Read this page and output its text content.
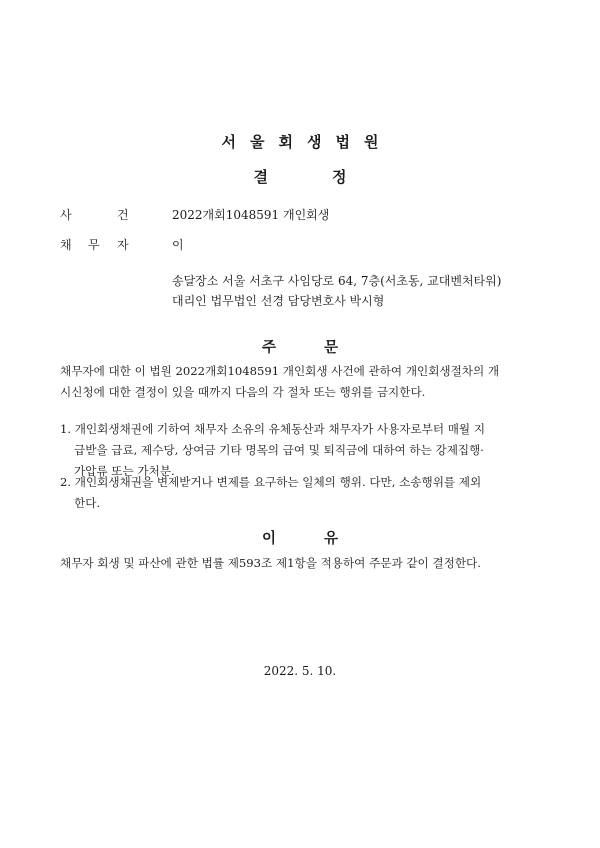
서울회생법원
결	정
사	건	2022개회1048591 개인회생
채 무 자	이
송달장소 서울 서초구 사임당로 64, 7층(서초동, 교대벤처타워)
대리인 법무법인 선경 담당변호사 박시형
주	문
채무자에 대한 이 법원 2022개회1048591 개인회생 사건에 관하여 개인회생절차의 개
시신청에 대한 결정이 있을 때까지 다음의 각 절차 또는 행위를 금지한다.
1. 개인회생채권에 기하여 채무자 소유의 유체동산과 채무자가 사용자로부터 매월 지
급받을 급료, 제수당, 상여금 기타 명목의 급여 및 퇴직금에 대하여 하는 강제집행·
가압류 또는 가처분.
2. 개인회생채권을 변제받거나 변제를 요구하는 일체의 행위. 다만, 소송행위를 제외
한다.
이	유
채무자 회생 및 파산에 관한 법률 제593조 제1항을 적용하여 주문과 같이 결정한다.
2022. 5. 10.
